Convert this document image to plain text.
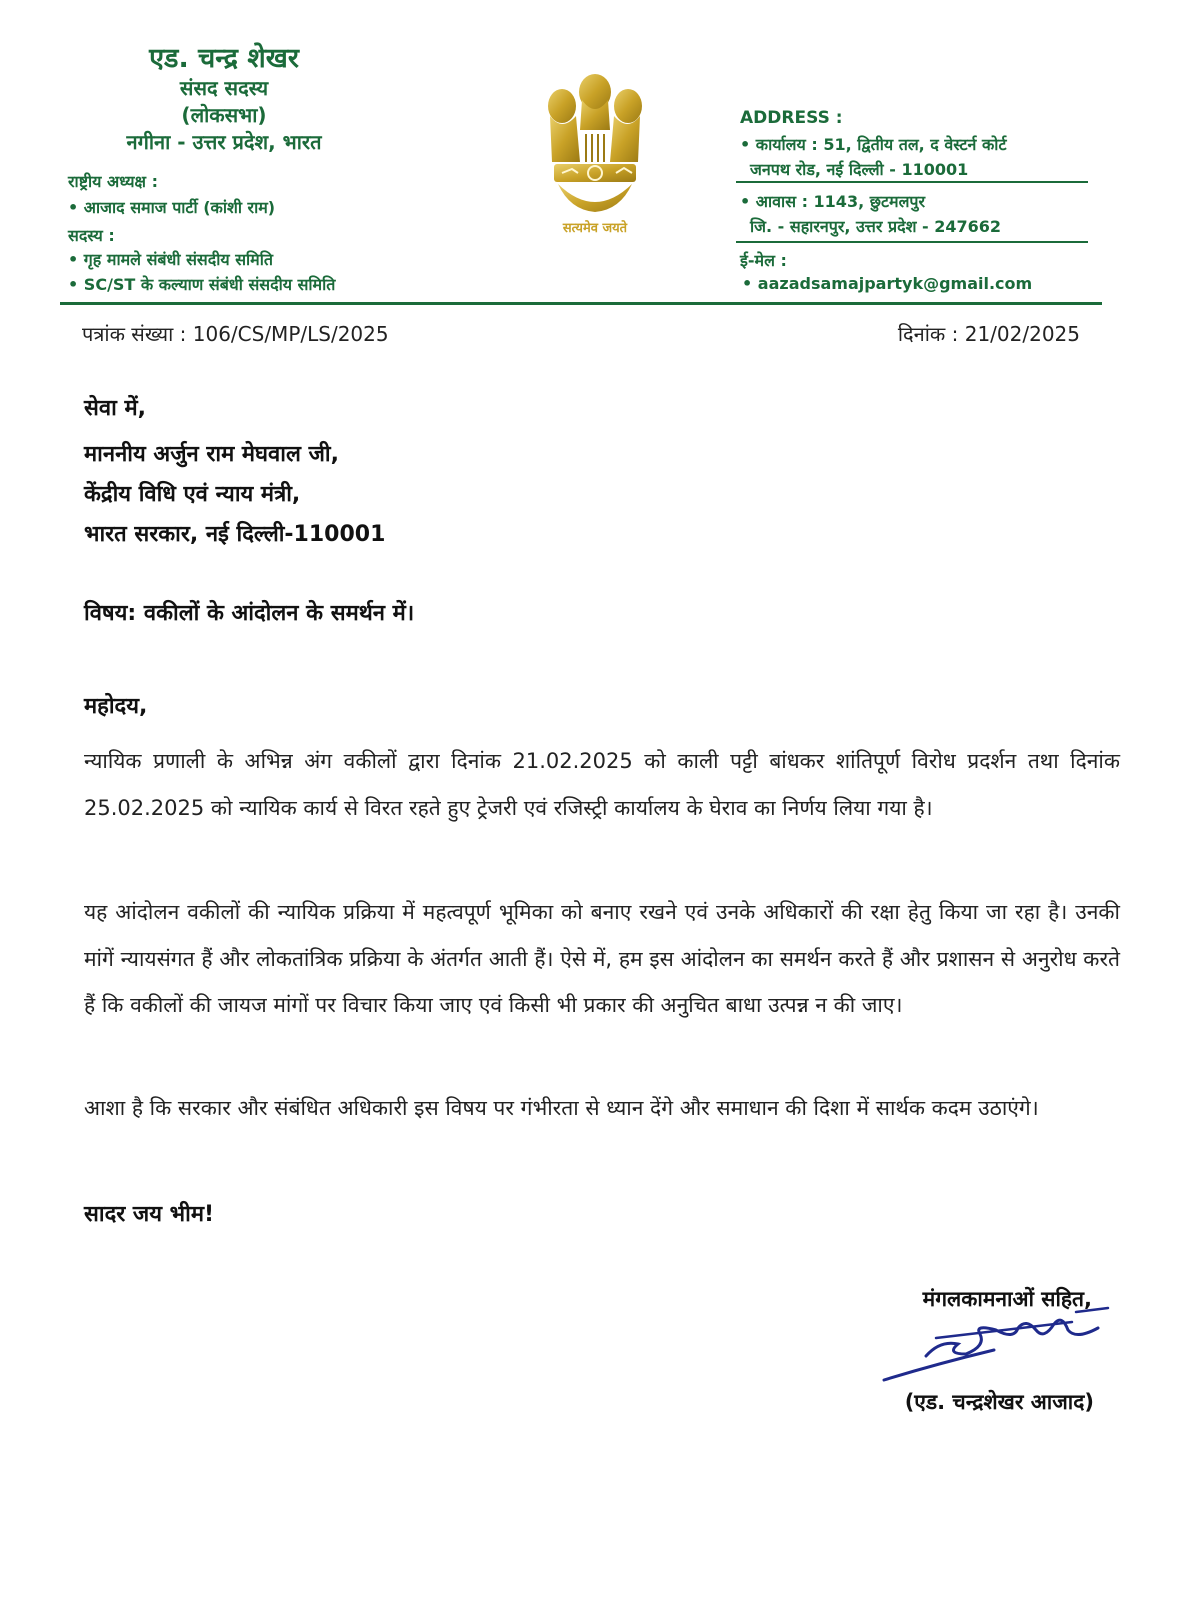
एड. चन्द्र शेखर
संसद सदस्य
(लोकसभा)
नगीना - उत्तर प्रदेश, भारत
राष्ट्रीय अध्यक्ष :
• आजाद समाज पार्टी (कांशी राम)
सदस्य :
• गृह मामले संबंधी संसदीय समिति
• SC/ST के कल्याण संबंधी संसदीय समिति
सत्यमेव जयते
ADDRESS :
• कार्यालय : 51, द्वितीय तल, द वेस्टर्न कोर्ट
जनपथ रोड, नई दिल्ली - 110001
• आवास : 1143, छुटमलपुर
जि. - सहारनपुर, उत्तर प्रदेश - 247662
ई-मेल :
• aazadsamajpartyk@gmail.com
पत्रांक संख्या : 106/CS/MP/LS/2025	दिनांक : 21/02/2025
सेवा में,
माननीय अर्जुन राम मेघवाल जी,
केंद्रीय विधि एवं न्याय मंत्री,
भारत सरकार, नई दिल्ली-110001
विषय: वकीलों के आंदोलन के समर्थन में।
महोदय,
न्यायिक प्रणाली के अभिन्न अंग वकीलों द्वारा दिनांक 21.02.2025 को काली पट्टी बांधकर शांतिपूर्ण विरोध प्रदर्शन तथा दिनांक 25.02.2025 को न्यायिक कार्य से विरत रहते हुए ट्रेजरी एवं रजिस्ट्री कार्यालय के घेराव का निर्णय लिया गया है।
यह आंदोलन वकीलों की न्यायिक प्रक्रिया में महत्वपूर्ण भूमिका को बनाए रखने एवं उनके अधिकारों की रक्षा हेतु किया जा रहा है। उनकी मांगें न्यायसंगत हैं और लोकतांत्रिक प्रक्रिया के अंतर्गत आती हैं। ऐसे में, हम इस आंदोलन का समर्थन करते हैं और प्रशासन से अनुरोध करते हैं कि वकीलों की जायज मांगों पर विचार किया जाए एवं किसी भी प्रकार की अनुचित बाधा उत्पन्न न की जाए।
आशा है कि सरकार और संबंधित अधिकारी इस विषय पर गंभीरता से ध्यान देंगे और समाधान की दिशा में सार्थक कदम उठाएंगे।
सादर जय भीम!
मंगलकामनाओं सहित,
(एड. चन्द्रशेखर आजाद)
